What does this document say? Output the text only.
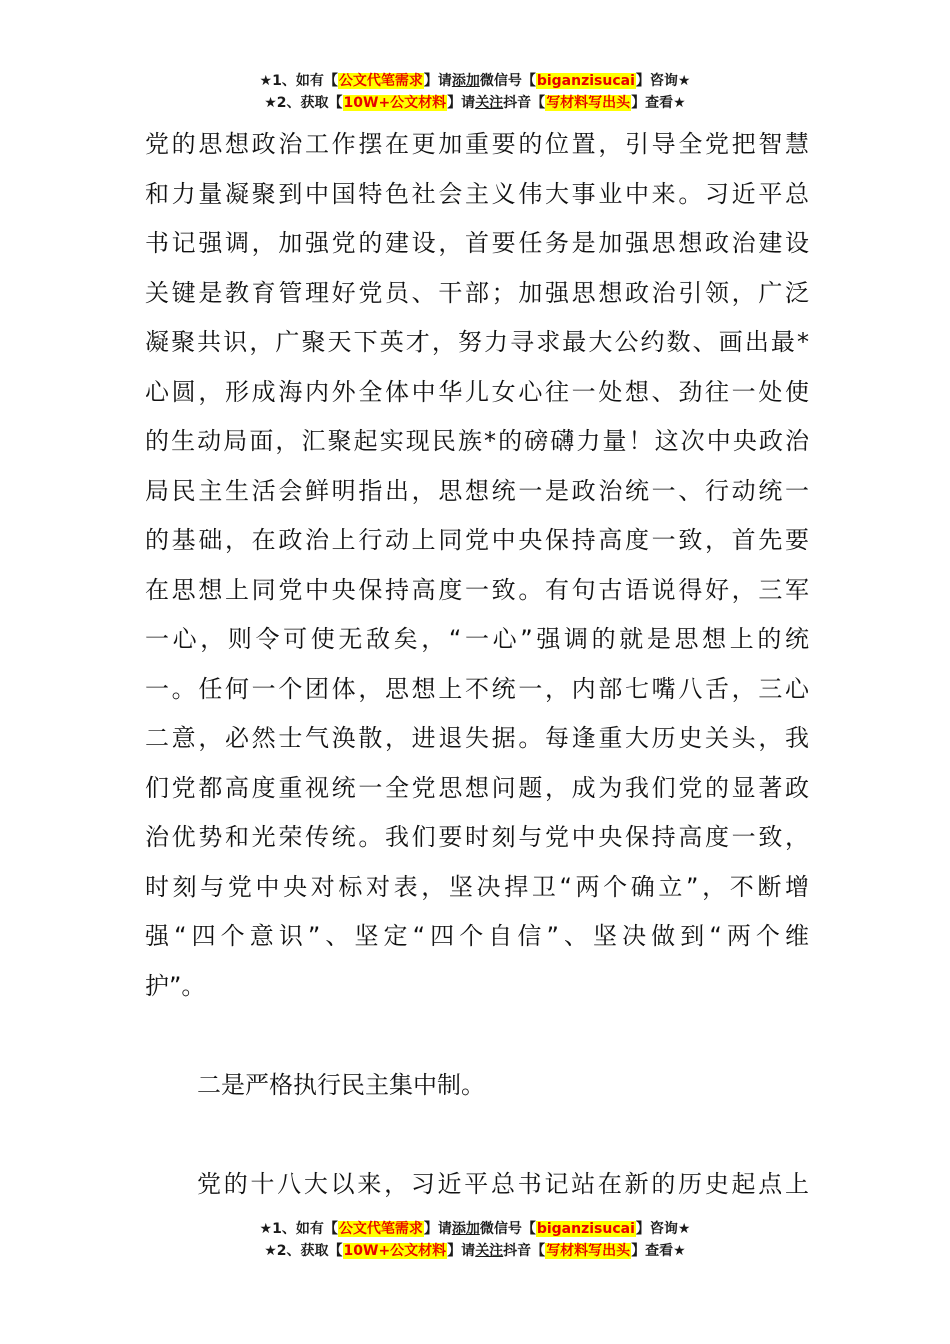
★1、如有【公文代笔需求】请添加微信号【biganzisucai】咨询★
★2、获取【10W+公文材料】请关注抖音【写材料写出头】查看★

党的思想政治工作摆在更加重要的位置，引导全党把智慧

和力量凝聚到中国特色社会主义伟大事业中来。习近平总

书记强调，加强党的建设，首要任务是加强思想政治建设

关键是教育管理好党员、干部；加强思想政治引领，广泛

凝聚共识，广聚天下英才，努力寻求最大公约数、画出最*

心圆，形成海内外全体中华儿女心往一处想、劲往一处使

的生动局面，汇聚起实现民族*的磅礴力量！这次中央政治

局民主生活会鲜明指出，思想统一是政治统一、行动统一

的基础，在政治上行动上同党中央保持高度一致，首先要

在思想上同党中央保持高度一致。有句古语说得好，三军

一心，则令可使无敌矣，“一心”强调的就是思想上的统

一。任何一个团体，思想上不统一，内部七嘴八舌，三心

二意，必然士气涣散，进退失据。每逢重大历史关头，我

们党都高度重视统一全党思想问题，成为我们党的显著政

治优势和光荣传统。我们要时刻与党中央保持高度一致，

时刻与党中央对标对表，坚决捍卫“两个确立”，不断增

强“四个意识”、坚定“四个自信”、坚决做到“两个维

护”。

二是严格执行民主集中制。

党的十八大以来，习近平总书记站在新的历史起点上

★1、如有【公文代笔需求】请添加微信号【biganzisucai】咨询★
★2、获取【10W+公文材料】请关注抖音【写材料写出头】查看★
